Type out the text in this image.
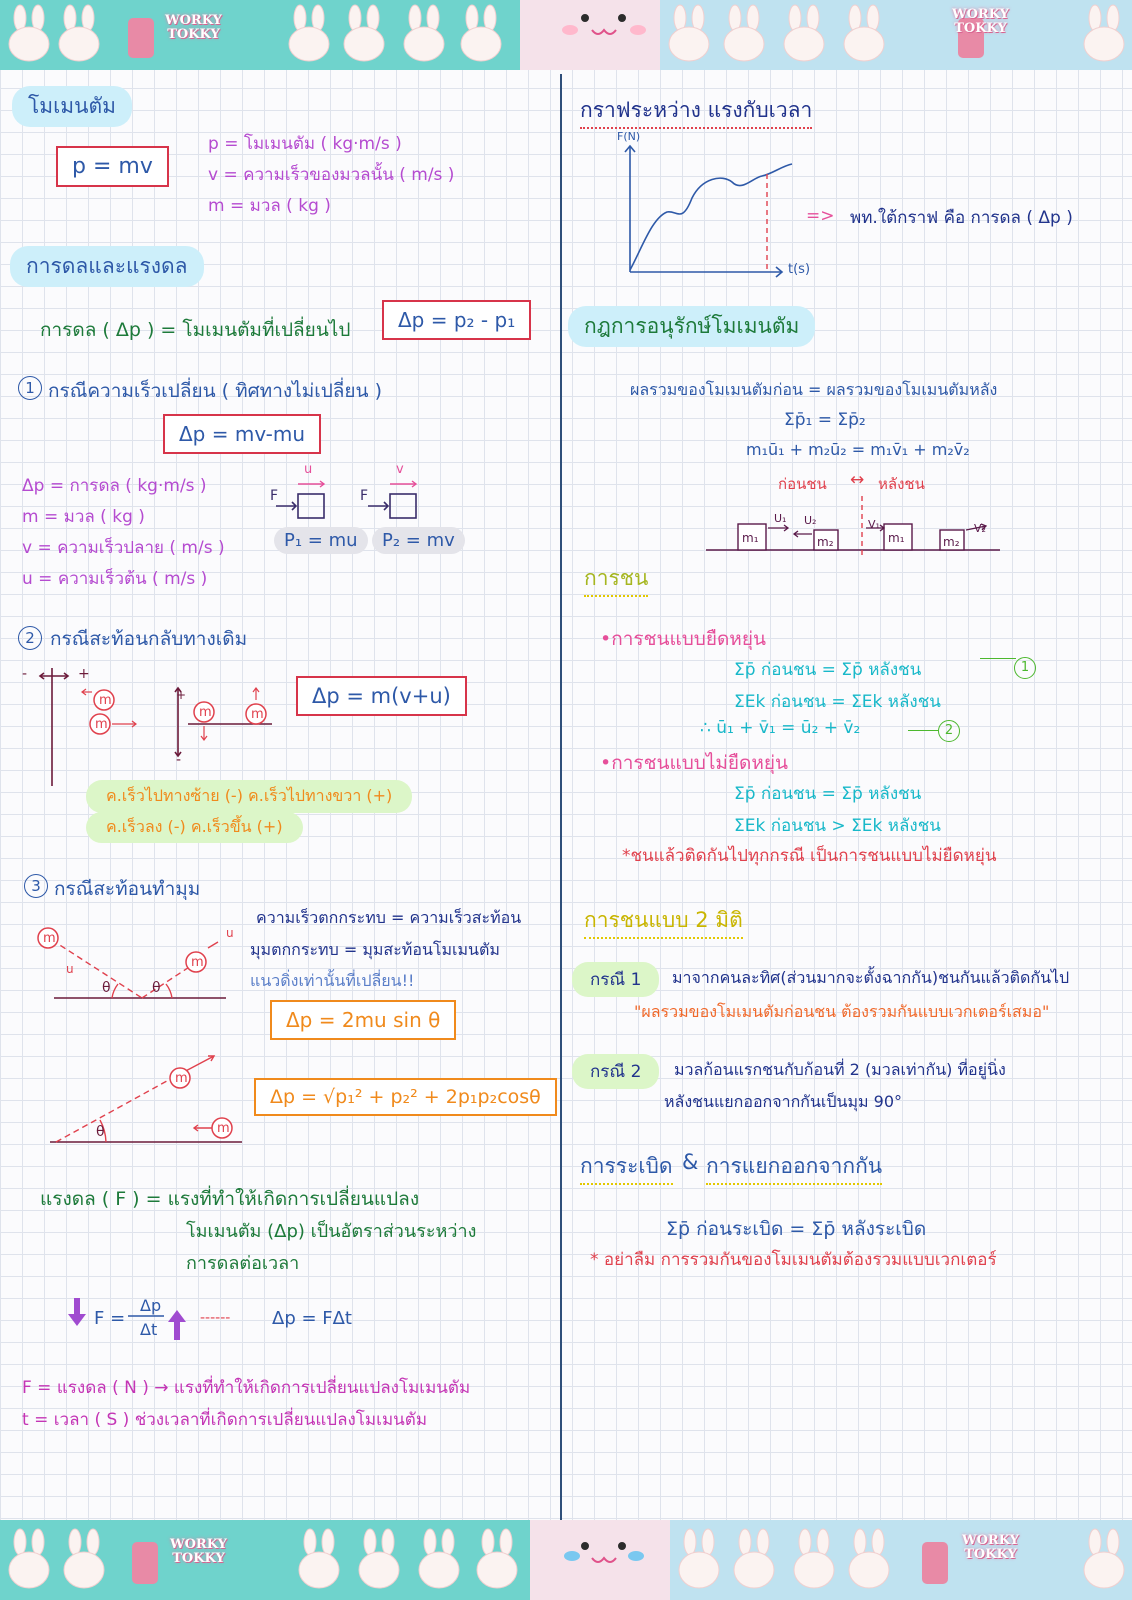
WORKY
TOKKY
WORKY
TOKKY
WORKY
TOKKY
WORKY
TOKKY
โมเมนตัม
p = mv
p = โมเมนตัม ( kg·m/s )
v = ความเร็วของมวลนั้น ( m/s )
m = มวล ( kg )
การดลและแรงดล
การดล ( Δp ) = โมเมนตัมที่เปลี่ยนไป	Δp = p₂ - p₁
1 กรณีความเร็วเปลี่ยน ( ทิศทางไม่เปลี่ยน )
Δp = mv-mu
Δp = การดล ( kg·m/s )
m = มวล ( kg )
v = ความเร็วปลาย ( m/s )
u = ความเร็วต้น ( m/s )
F	F
u	v
P₁ = mu	P₂ = mv
2 กรณีสะท้อนกลับทางเดิม
m
m
m	m
-	+
+
-
Δp = m(v+u)
ค.เร็วไปทางซ้าย (-) ค.เร็วไปทางขวา (+)
ค.เร็วลง (-) ค.เร็วขึ้น (+)
3 กรณีสะท้อนทำมุม
m
m
θ	θ
u
u
ความเร็วตกกระทบ = ความเร็วสะท้อน
มุมตกกระทบ = มุมสะท้อนโมเมนตัม
แนวดิ่งเท่านั้นที่เปลี่ยน!!
Δp = 2mu sin θ
m
m
θ
Δp = √p₁² + p₂² + 2p₁p₂cosθ
แรงดล ( F ) = แรงที่ทำให้เกิดการเปลี่ยนแปลง
โมเมนตัม (Δp) เป็นอัตราส่วนระหว่าง
การดลต่อเวลา
F =
Δp
Δt
------ Δp = FΔt
F = แรงดล ( N ) → แรงที่ทำให้เกิดการเปลี่ยนแปลงโมเมนตัม
t = เวลา ( S ) ช่วงเวลาที่เกิดการเปลี่ยนแปลงโมเมนตัม
กราฟระหว่าง แรงกับเวลา
F(N)
t(s)
=> พท.ใต้กราฟ คือ การดล ( Δp )
กฎการอนุรักษ์โมเมนตัม
ผลรวมของโมเมนตัมก่อน = ผลรวมของโมเมนตัมหลัง
Σp̄₁ = Σp̄₂
m₁ū₁ + m₂ū₂ = m₁v̄₁ + m₂v̄₂
ก่อนชน ↔ หลังชน
m₁	m₂	m₁	m₂
U₁ U₂	V₁	V₂
การชน
•การชนแบบยืดหยุ่น
Σp̄ ก่อนชน = Σp̄ หลังชน
ΣEk ก่อนชน = ΣEk หลังชน
∴ ū₁ + v̄₁ = ū₂ + v̄₂
1
2
•การชนแบบไม่ยืดหยุ่น
Σp̄ ก่อนชน = Σp̄ หลังชน
ΣEk ก่อนชน > ΣEk หลังชน
*ชนแล้วติดกันไปทุกกรณี เป็นการชนแบบไม่ยืดหยุ่น
การชนแบบ 2 มิติ
กรณี 1	มาจากคนละทิศ(ส่วนมากจะตั้งฉากกัน)ชนกันแล้วติดกันไป
"ผลรวมของโมเมนตัมก่อนชน ต้องรวมกันแบบเวกเตอร์เสมอ"
กรณี 2	มวลก้อนแรกชนกับก้อนที่ 2 (มวลเท่ากัน) ที่อยู่นิ่ง
หลังชนแยกออกจากกันเป็นมุม 90°
การระเบิด & การแยกออกจากกัน
Σp̄ ก่อนระเบิด = Σp̄ หลังระเบิด
* อย่าลืม การรวมกันของโมเมนตัมต้องรวมแบบเวกเตอร์
